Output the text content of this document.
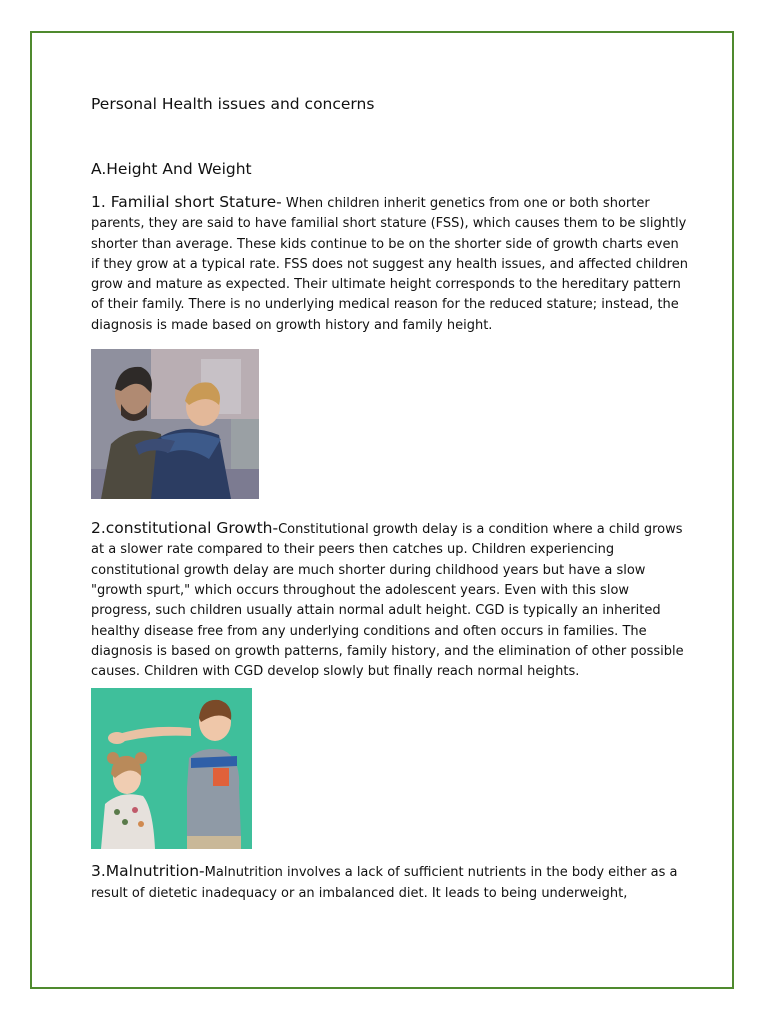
Personal Health issues and concerns
A.Height And Weight

1. Familial short Stature- When children inherit genetics from one or both shorter parents, they are said to have familial short stature (FSS), which causes them to be slightly shorter than average. These kids continue to be on the shorter side of growth charts even if they grow at a typical rate. FSS does not suggest any health issues, and affected children grow and mature as expected. Their ultimate height corresponds to the hereditary pattern of their family. There is no underlying medical reason for the reduced stature; instead, the diagnosis is made based on growth history and family height.

2.constitutional Growth-Constitutional growth delay is a condition where a child grows at a slower rate compared to their peers then catches up. Children experiencing constitutional growth delay are much shorter during childhood years but have a slow "growth spurt," which occurs throughout the adolescent years. Even with this slow progress, such children usually attain normal adult height. CGD is typically an inherited healthy disease free from any underlying conditions and often occurs in families. The diagnosis is based on growth patterns, family history, and the elimination of other possible causes. Children with CGD develop slowly but finally reach normal heights.

3.Malnutrition-Malnutrition involves a lack of sufficient nutrients in the body either as a result of dietetic inadequacy or an imbalanced diet. It leads to being underweight,
